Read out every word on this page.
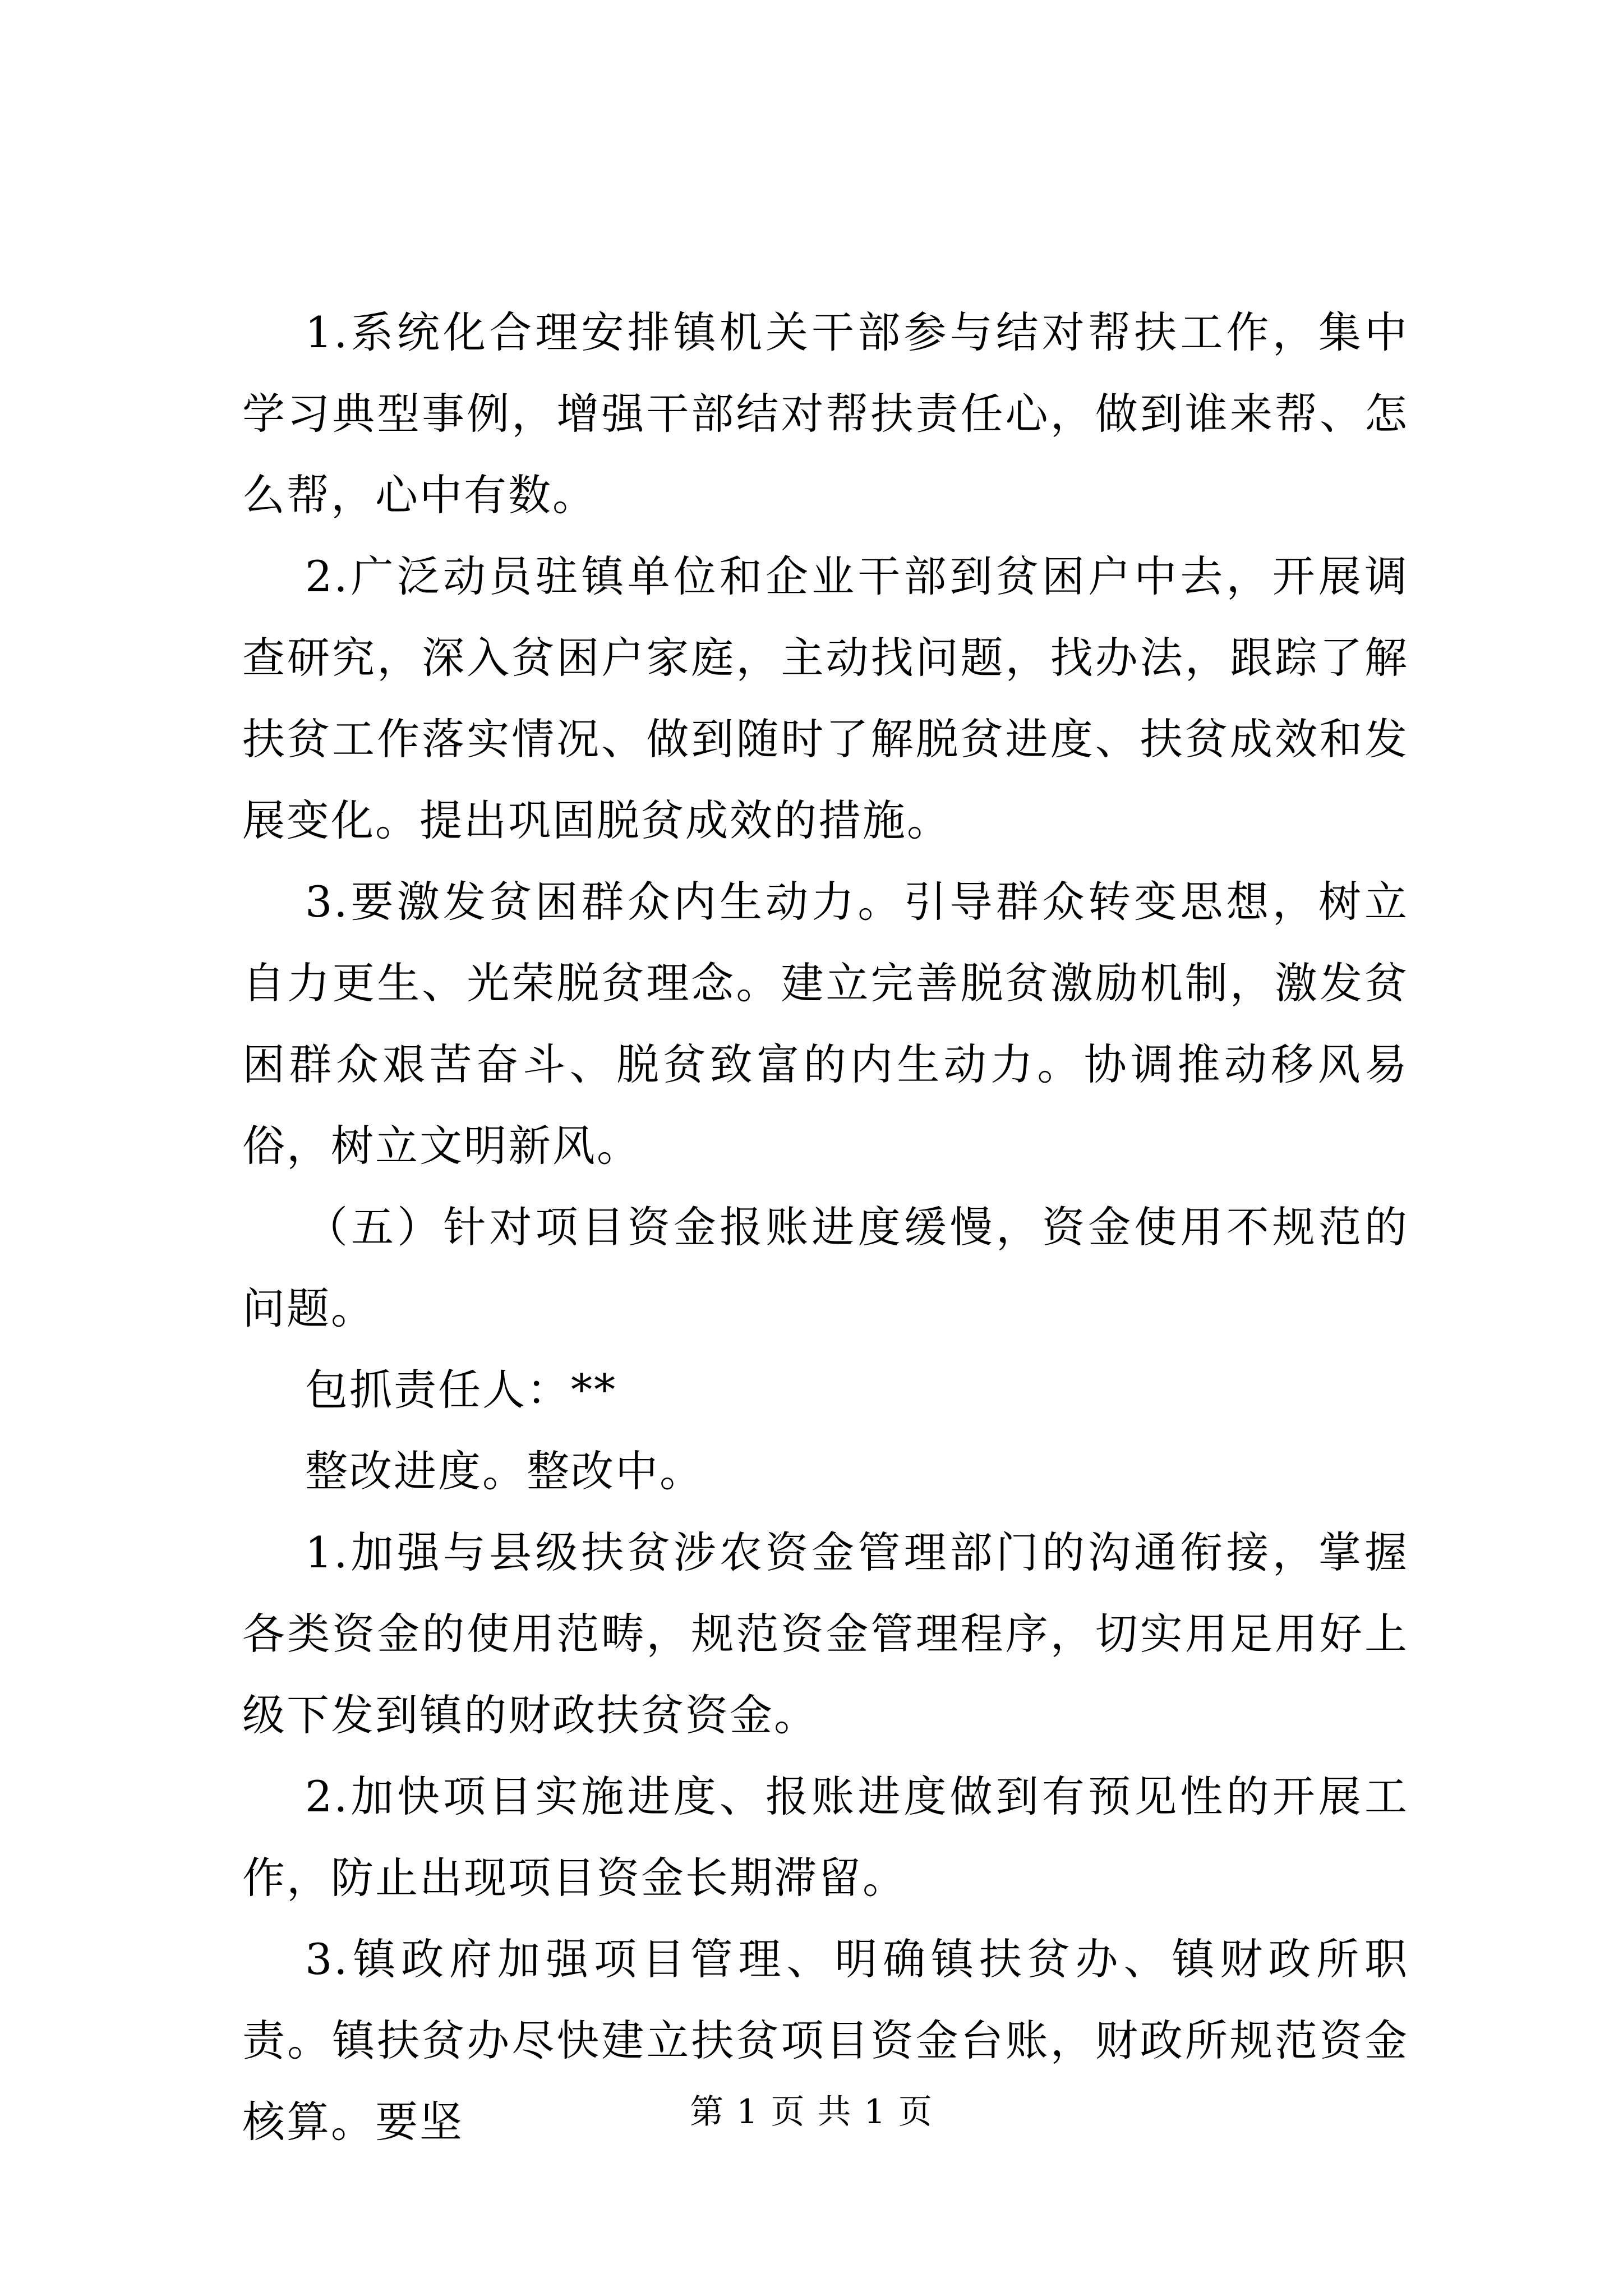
1.系统化合理安排镇机关干部参与结对帮扶工作，集中学习典型事例，增强干部结对帮扶责任心，做到谁来帮、怎么帮，心中有数。

2.广泛动员驻镇单位和企业干部到贫困户中去，开展调查研究，深入贫困户家庭，主动找问题，找办法，跟踪了解扶贫工作落实情况、做到随时了解脱贫进度、扶贫成效和发展变化。提出巩固脱贫成效的措施。

3.要激发贫困群众内生动力。引导群众转变思想，树立自力更生、光荣脱贫理念。建立完善脱贫激励机制，激发贫困群众艰苦奋斗、脱贫致富的内生动力。协调推动移风易俗，树立文明新风。

（五）针对项目资金报账进度缓慢，资金使用不规范的问题。

包抓责任人：**

整改进度。整改中。

1.加强与县级扶贫涉农资金管理部门的沟通衔接，掌握各类资金的使用范畴，规范资金管理程序，切实用足用好上级下发到镇的财政扶贫资金。

2.加快项目实施进度、报账进度做到有预见性的开展工作，防止出现项目资金长期滞留。

3.镇政府加强项目管理、明确镇扶贫办、镇财政所职责。镇扶贫办尽快建立扶贫项目资金台账，财政所规范资金核算。要坚	第 1 页 共 1 页
